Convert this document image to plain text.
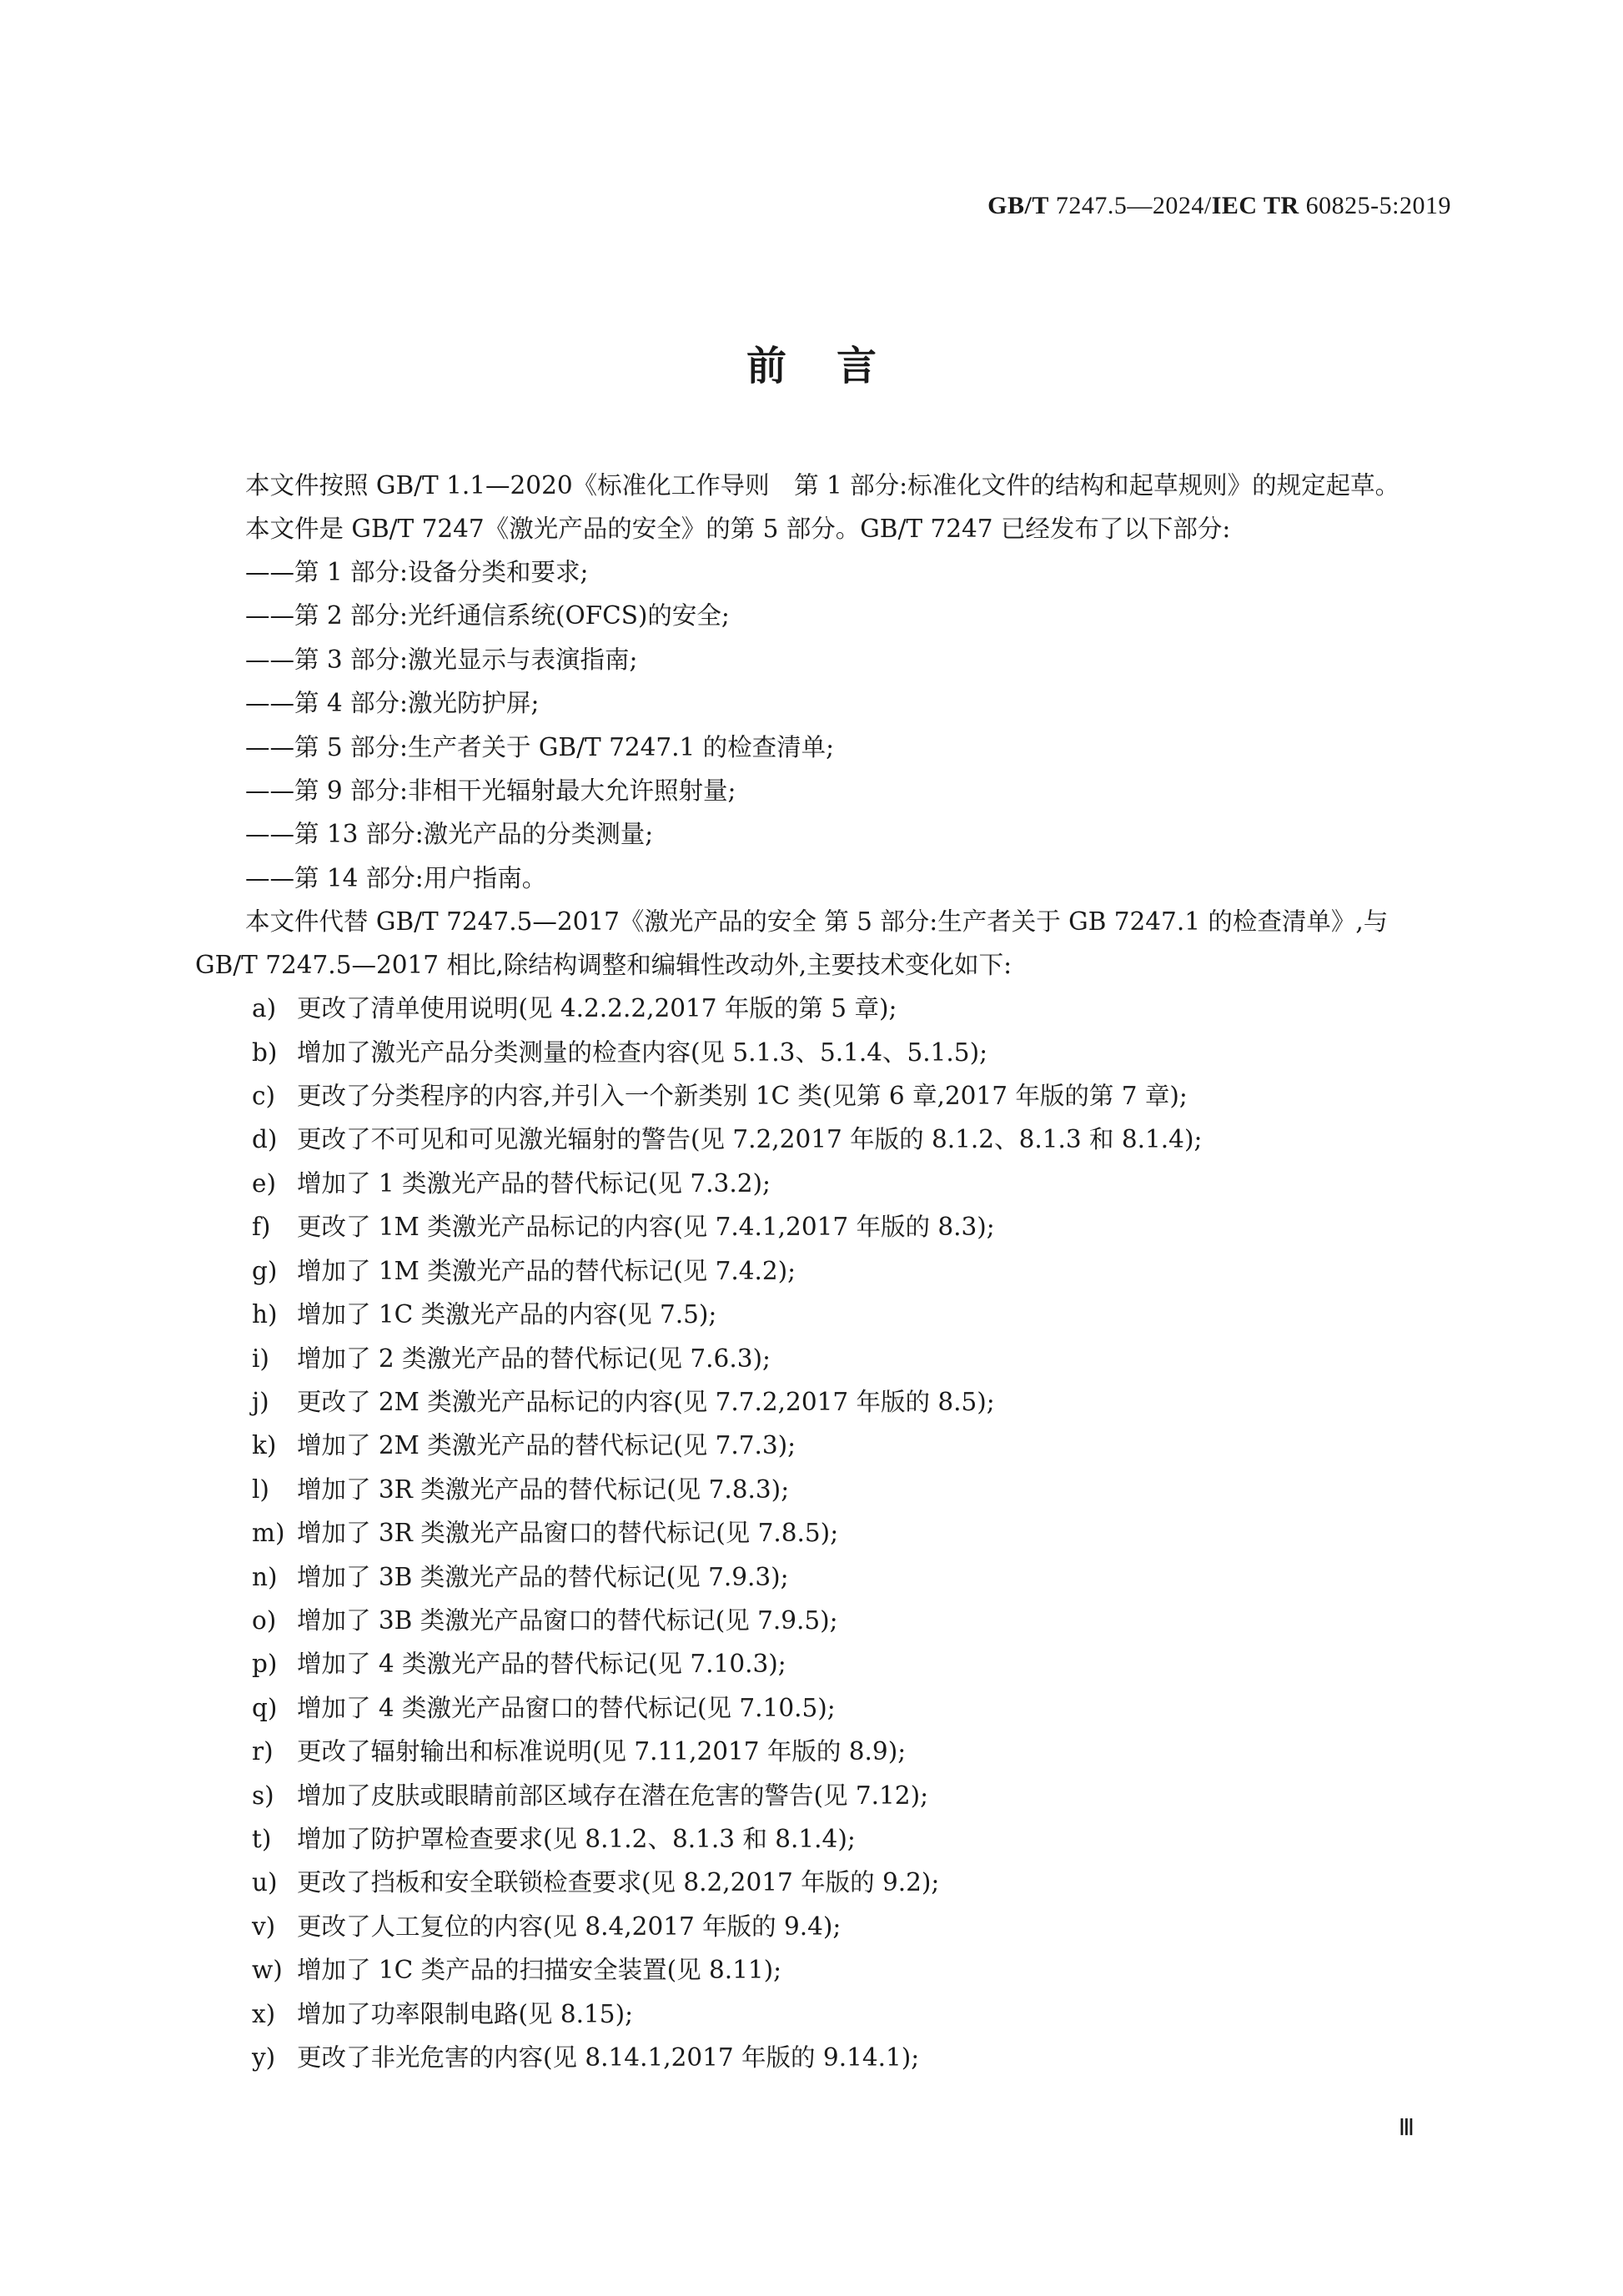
GB/T 7247.5—2024/IEC TR 60825-5:2019
前言

本文件按照 GB/T 1.1—2020《标准化工作导则　第 1 部分:标准化文件的结构和起草规则》的规定起草。

本文件是 GB/T 7247《激光产品的安全》的第 5 部分。GB/T 7247 已经发布了以下部分:

——第 1 部分:设备分类和要求;

——第 2 部分:光纤通信系统(OFCS)的安全;

——第 3 部分:激光显示与表演指南;

——第 4 部分:激光防护屏;

——第 5 部分:生产者关于 GB/T 7247.1 的检查清单;

——第 9 部分:非相干光辐射最大允许照射量;

——第 13 部分:激光产品的分类测量;

——第 14 部分:用户指南。

本文件代替 GB/T 7247.5—2017《激光产品的安全 第 5 部分:生产者关于 GB 7247.1 的检查清单》,与 GB/T 7247.5—2017 相比,除结构调整和编辑性改动外,主要技术变化如下:

a) 更改了清单使用说明(见 4.2.2.2,2017 年版的第 5 章);

b) 增加了激光产品分类测量的检查内容(见 5.1.3、5.1.4、5.1.5);

c) 更改了分类程序的内容,并引入一个新类别 1C 类(见第 6 章,2017 年版的第 7 章);

d) 更改了不可见和可见激光辐射的警告(见 7.2,2017 年版的 8.1.2、8.1.3 和 8.1.4);

e) 增加了 1 类激光产品的替代标记(见 7.3.2);

f) 更改了 1M 类激光产品标记的内容(见 7.4.1,2017 年版的 8.3);

g) 增加了 1M 类激光产品的替代标记(见 7.4.2);

h) 增加了 1C 类激光产品的内容(见 7.5);

i) 增加了 2 类激光产品的替代标记(见 7.6.3);

j) 更改了 2M 类激光产品标记的内容(见 7.7.2,2017 年版的 8.5);

k) 增加了 2M 类激光产品的替代标记(见 7.7.3);

l) 增加了 3R 类激光产品的替代标记(见 7.8.3);

m) 增加了 3R 类激光产品窗口的替代标记(见 7.8.5);

n) 增加了 3B 类激光产品的替代标记(见 7.9.3);

o) 增加了 3B 类激光产品窗口的替代标记(见 7.9.5);

p) 增加了 4 类激光产品的替代标记(见 7.10.3);

q) 增加了 4 类激光产品窗口的替代标记(见 7.10.5);

r) 更改了辐射输出和标准说明(见 7.11,2017 年版的 8.9);

s) 增加了皮肤或眼睛前部区域存在潜在危害的警告(见 7.12);

t) 增加了防护罩检查要求(见 8.1.2、8.1.3 和 8.1.4);

u) 更改了挡板和安全联锁检查要求(见 8.2,2017 年版的 9.2);

v) 更改了人工复位的内容(见 8.4,2017 年版的 9.4);

w) 增加了 1C 类产品的扫描安全装置(见 8.11);

x) 增加了功率限制电路(见 8.15);

y) 更改了非光危害的内容(见 8.14.1,2017 年版的 9.14.1);

Ⅲ
